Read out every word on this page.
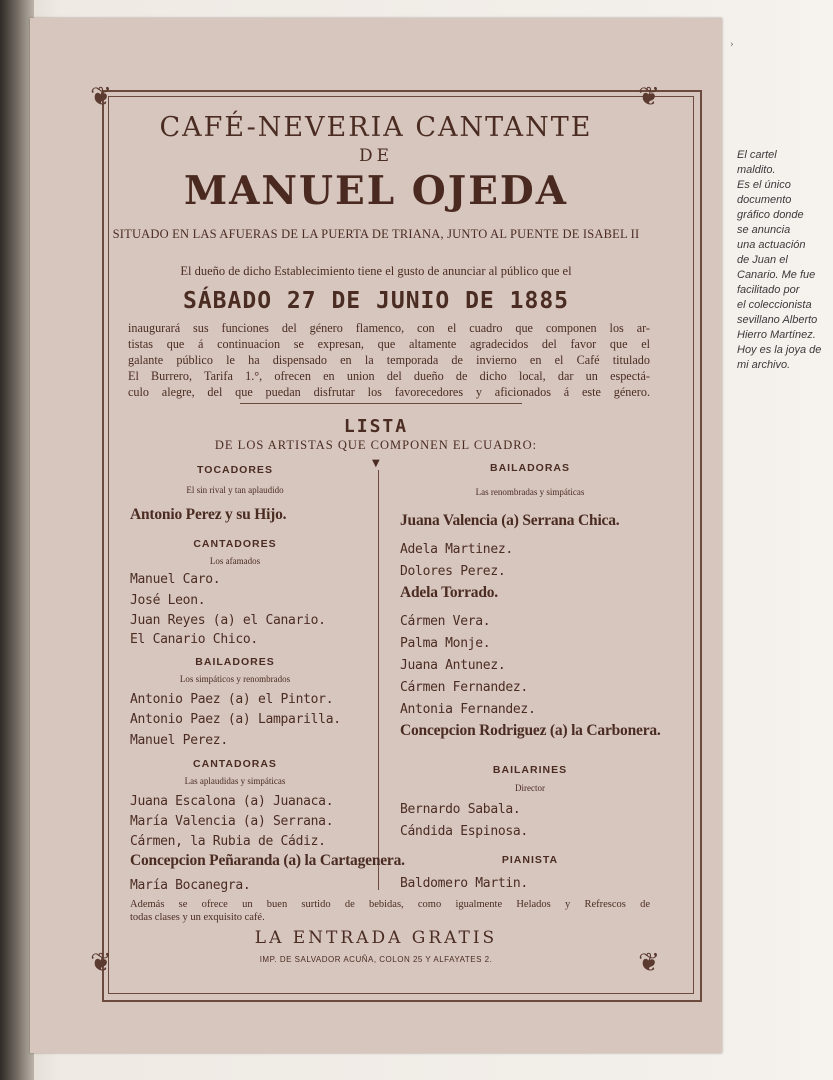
❦	❦
❦	❦
CAFÉ-NEVERIA CANTANTE
DE
MANUEL OJEDA
SITUADO EN LAS AFUERAS DE LA PUERTA DE TRIANA, JUNTO AL PUENTE DE ISABEL II
El dueño de dicho Establecimiento tiene el gusto de anunciar al público que el
SÁBADO 27 DE JUNIO DE 1885
inaugurará sus funciones del género flamenco, con el cuadro que componen los ar-
tistas que á continuacion se expresan, que altamente agradecidos del favor que el
galante público le ha dispensado en la temporada de invierno en el Café titulado
El Burrero, Tarifa 1.°, ofrecen en union del dueño de dicho local, dar un espectá-
culo alegre, del que puedan disfrutar los favorecedores y aficionados á este género.
LISTA
DE LOS ARTISTAS QUE COMPONEN EL CUADRO:
▼
TOCADORES
El sin rival y tan aplaudido
Antonio Perez y su Hijo.
CANTADORES
Los afamados
Manuel Caro.
José Leon.
Juan Reyes (a) el Canario.
El Canario Chico.
BAILADORES
Los simpáticos y renombrados
Antonio Paez (a) el Pintor.
Antonio Paez (a) Lamparilla.
Manuel Perez.
CANTADORAS
Las aplaudidas y simpáticas
Juana Escalona (a) Juanaca.
María Valencia (a) Serrana.
Cármen, la Rubia de Cádiz.
Concepcion Peñaranda (a) la Cartagenera.
María Bocanegra.
BAILADORAS
Las renombradas y simpáticas
Juana Valencia (a) Serrana Chica.
Adela Martinez.
Dolores Perez.
Adela Torrado.
Cármen Vera.
Palma Monje.
Juana Antunez.
Cármen Fernandez.
Antonia Fernandez.
Concepcion Rodriguez (a) la Carbonera.
BAILARINES
Director
Bernardo Sabala.
Cándida Espinosa.
PIANISTA
Baldomero Martin.
Además se ofrece un buen surtido de bebidas, como igualmente Helados y Refrescos de
todas clases y un exquisito café.
LA ENTRADA GRATIS
IMP. DE SALVADOR ACUÑA, COLON 25 Y ALFAYATES 2.
›
El cartel
maldito.
Es el único
documento
gráfico donde
se anuncia
una actuación
de Juan el
Canario. Me fue
facilitado por
el coleccionista
sevillano Alberto
Hierro Martínez.
Hoy es la joya de
mi archivo.
